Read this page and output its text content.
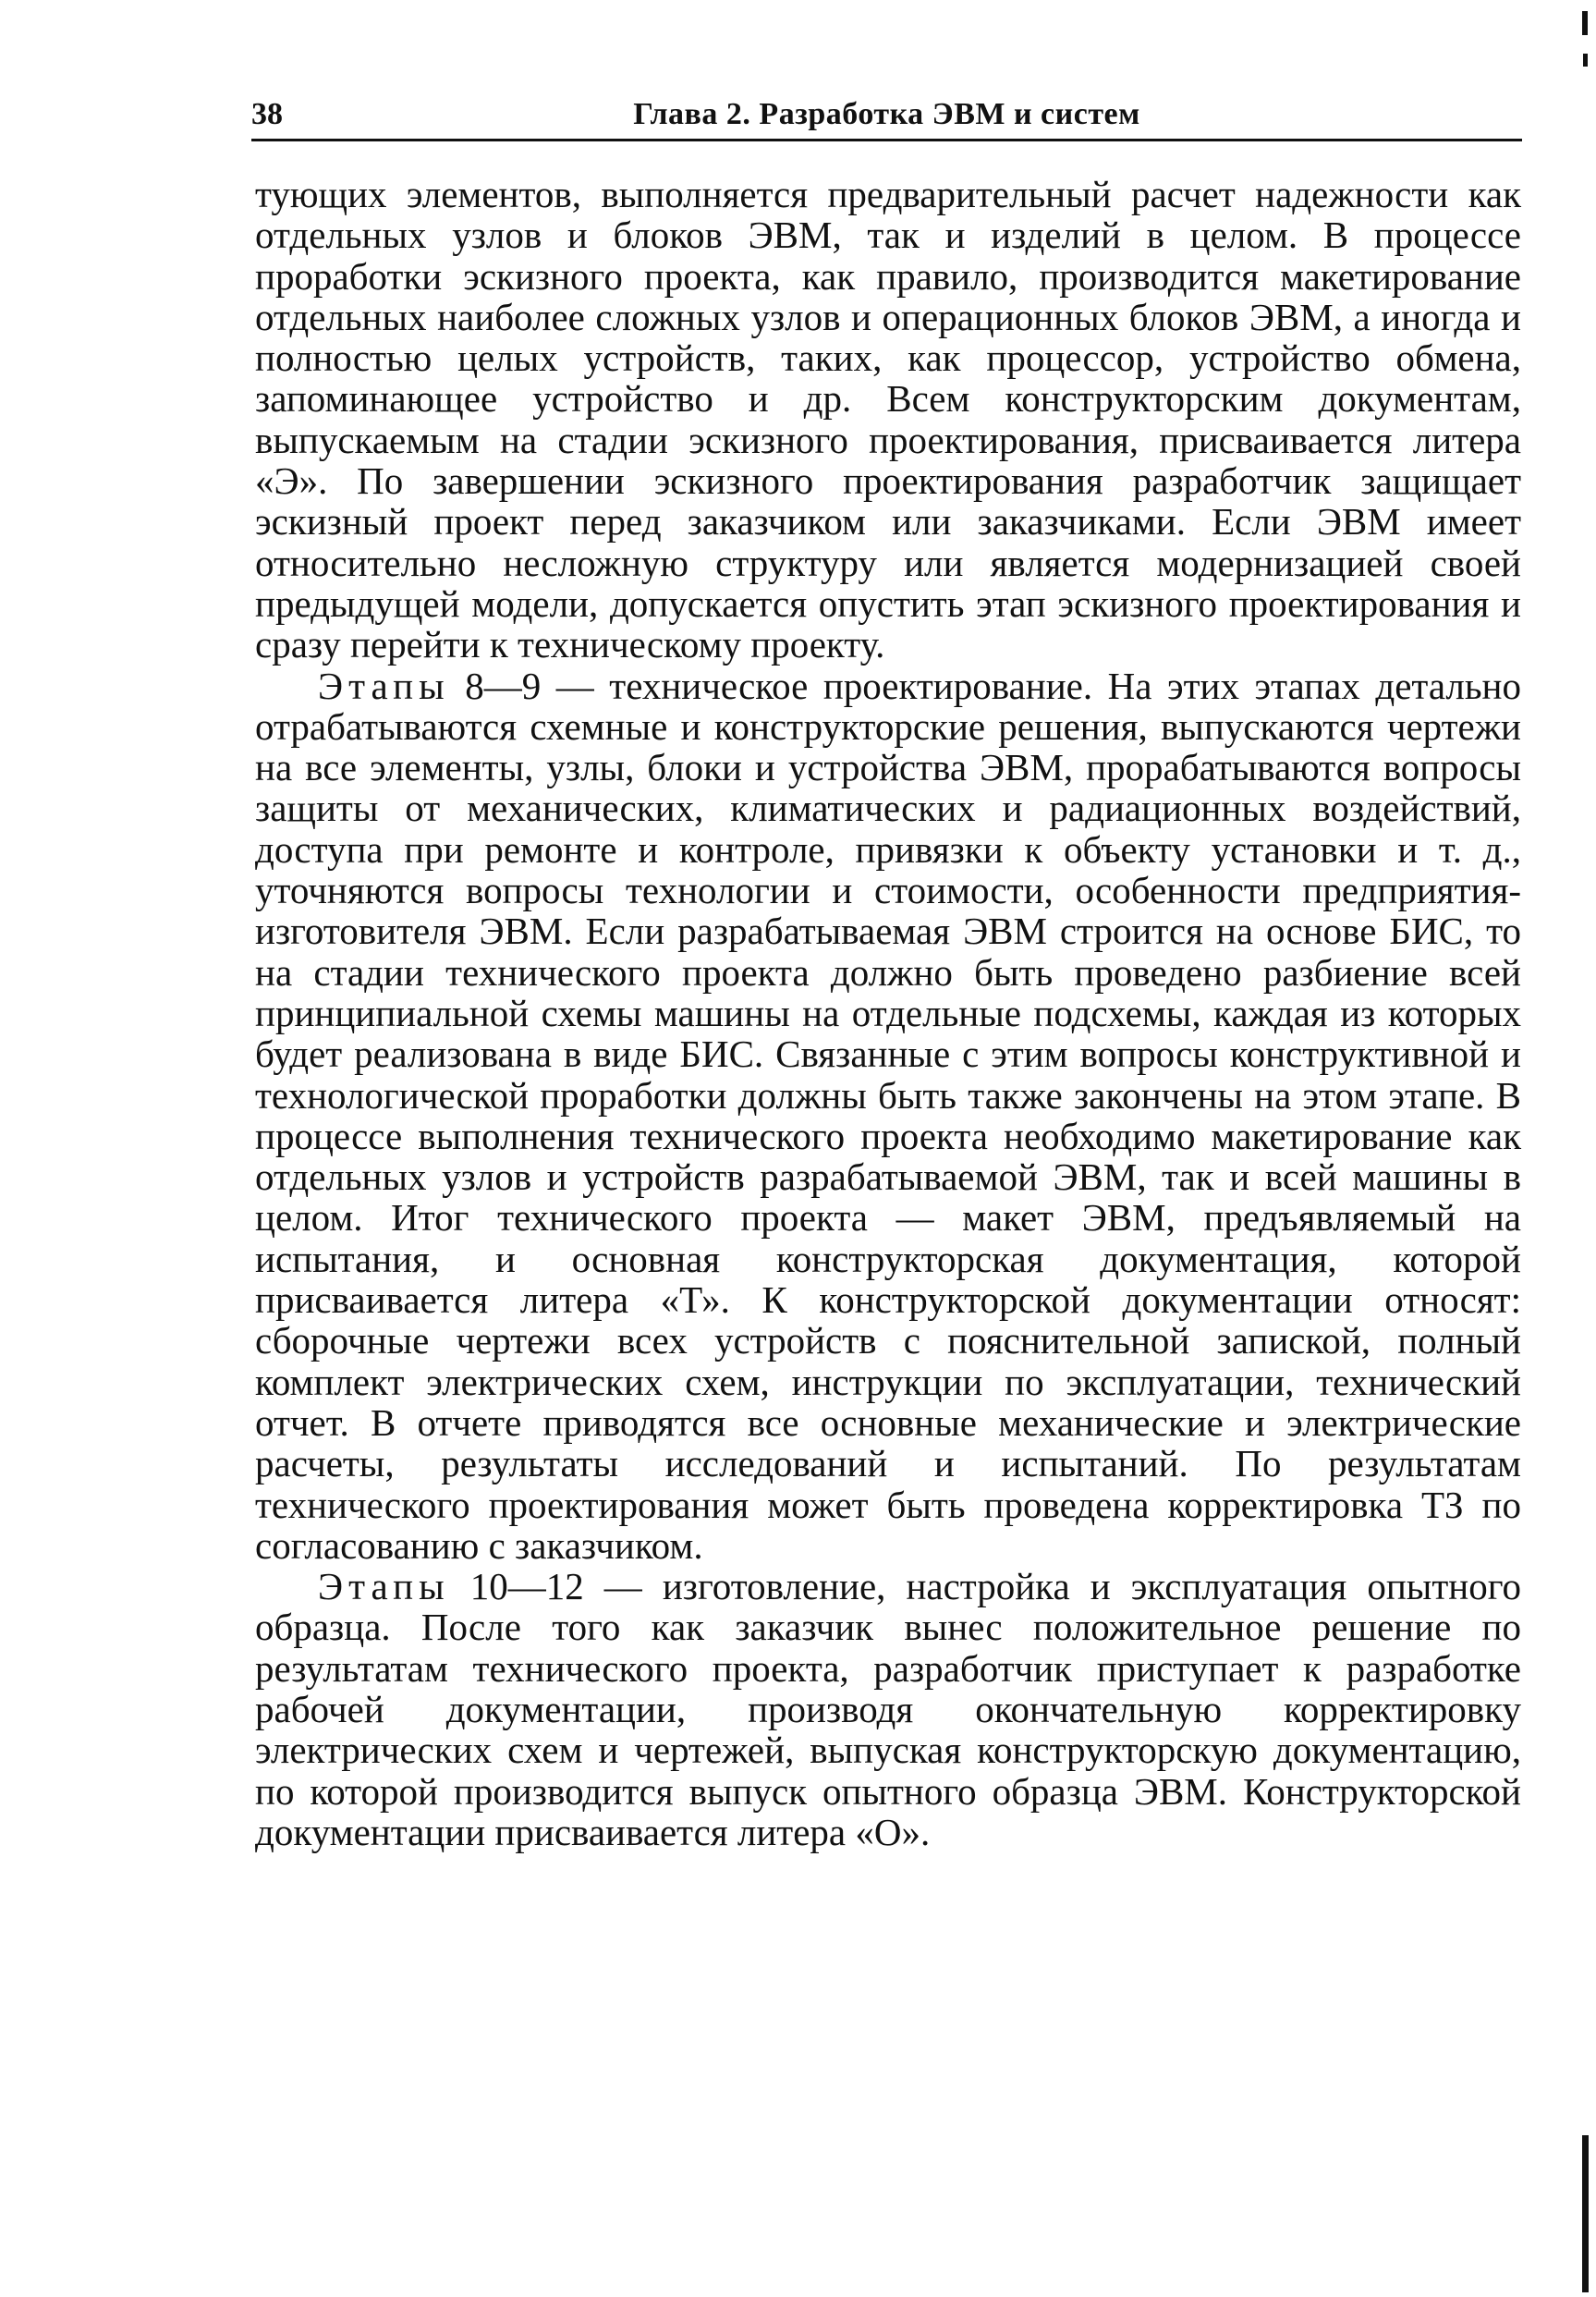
38	Глава 2. Разработка ЭВМ и систем

тующих элементов, выполняется предварительный расчет надежности как отдельных узлов и блоков ЭВМ, так и изделий в целом. В процессе проработки эскизного проекта, как правило, производится макетирование отдельных наиболее сложных узлов и операционных блоков ЭВМ, а иногда и полностью целых устройств, таких, как процессор, устройство обмена, запоминающее устройство и др. Всем конструкторским документам, выпускаемым на стадии эскизного проектирования, присваивается литера «Э». По завершении эскизного проектирования разработчик защищает эскизный проект перед заказчиком или заказчиками. Если ЭВМ имеет относительно несложную структуру или является модернизацией своей предыдущей модели, допускается опустить этап эскизного проектирования и сразу перейти к техническому проекту.

Этапы 8—9 — техническое проектирование. На этих этапах детально отрабатываются схемные и конструкторские решения, выпускаются чертежи на все элементы, узлы, блоки и устройства ЭВМ, прорабатываются вопросы защиты от механических, климатических и радиационных воздействий, доступа при ремонте и контроле, привязки к объекту установки и т. д., уточняются вопросы технологии и стоимости, особенности предприятия-изготовителя ЭВМ. Если разрабатываемая ЭВМ строится на основе БИС, то на стадии технического проекта должно быть проведено разбиение всей принципиальной схемы машины на отдельные подсхемы, каждая из которых будет реализована в виде БИС. Связанные с этим вопросы конструктивной и технологической проработки должны быть также закончены на этом этапе. В процессе выполнения технического проекта необходимо макетирование как отдельных узлов и устройств разрабатываемой ЭВМ, так и всей машины в целом. Итог технического проекта — макет ЭВМ, предъявляемый на испытания, и основная конструкторская документация, которой присваивается литера «Т». К конструкторской документации относят: сборочные чертежи всех устройств с пояснительной запиской, полный комплект электрических схем, инструкции по эксплуатации, технический отчет. В отчете приводятся все основные механические и электрические расчеты, результаты исследований и испытаний. По результатам технического проектирования может быть проведена корректировка ТЗ по согласованию с заказчиком.

Этапы 10—12 — изготовление, настройка и эксплуатация опытного образца. После того как заказчик вынес положительное решение по результатам технического проекта, разработчик приступает к разработке рабочей документации, производя окончательную корректировку электрических схем и чертежей, выпуская конструкторскую документацию, по которой производится выпуск опытного образца ЭВМ. Конструкторской документации присваивается литера «О».
